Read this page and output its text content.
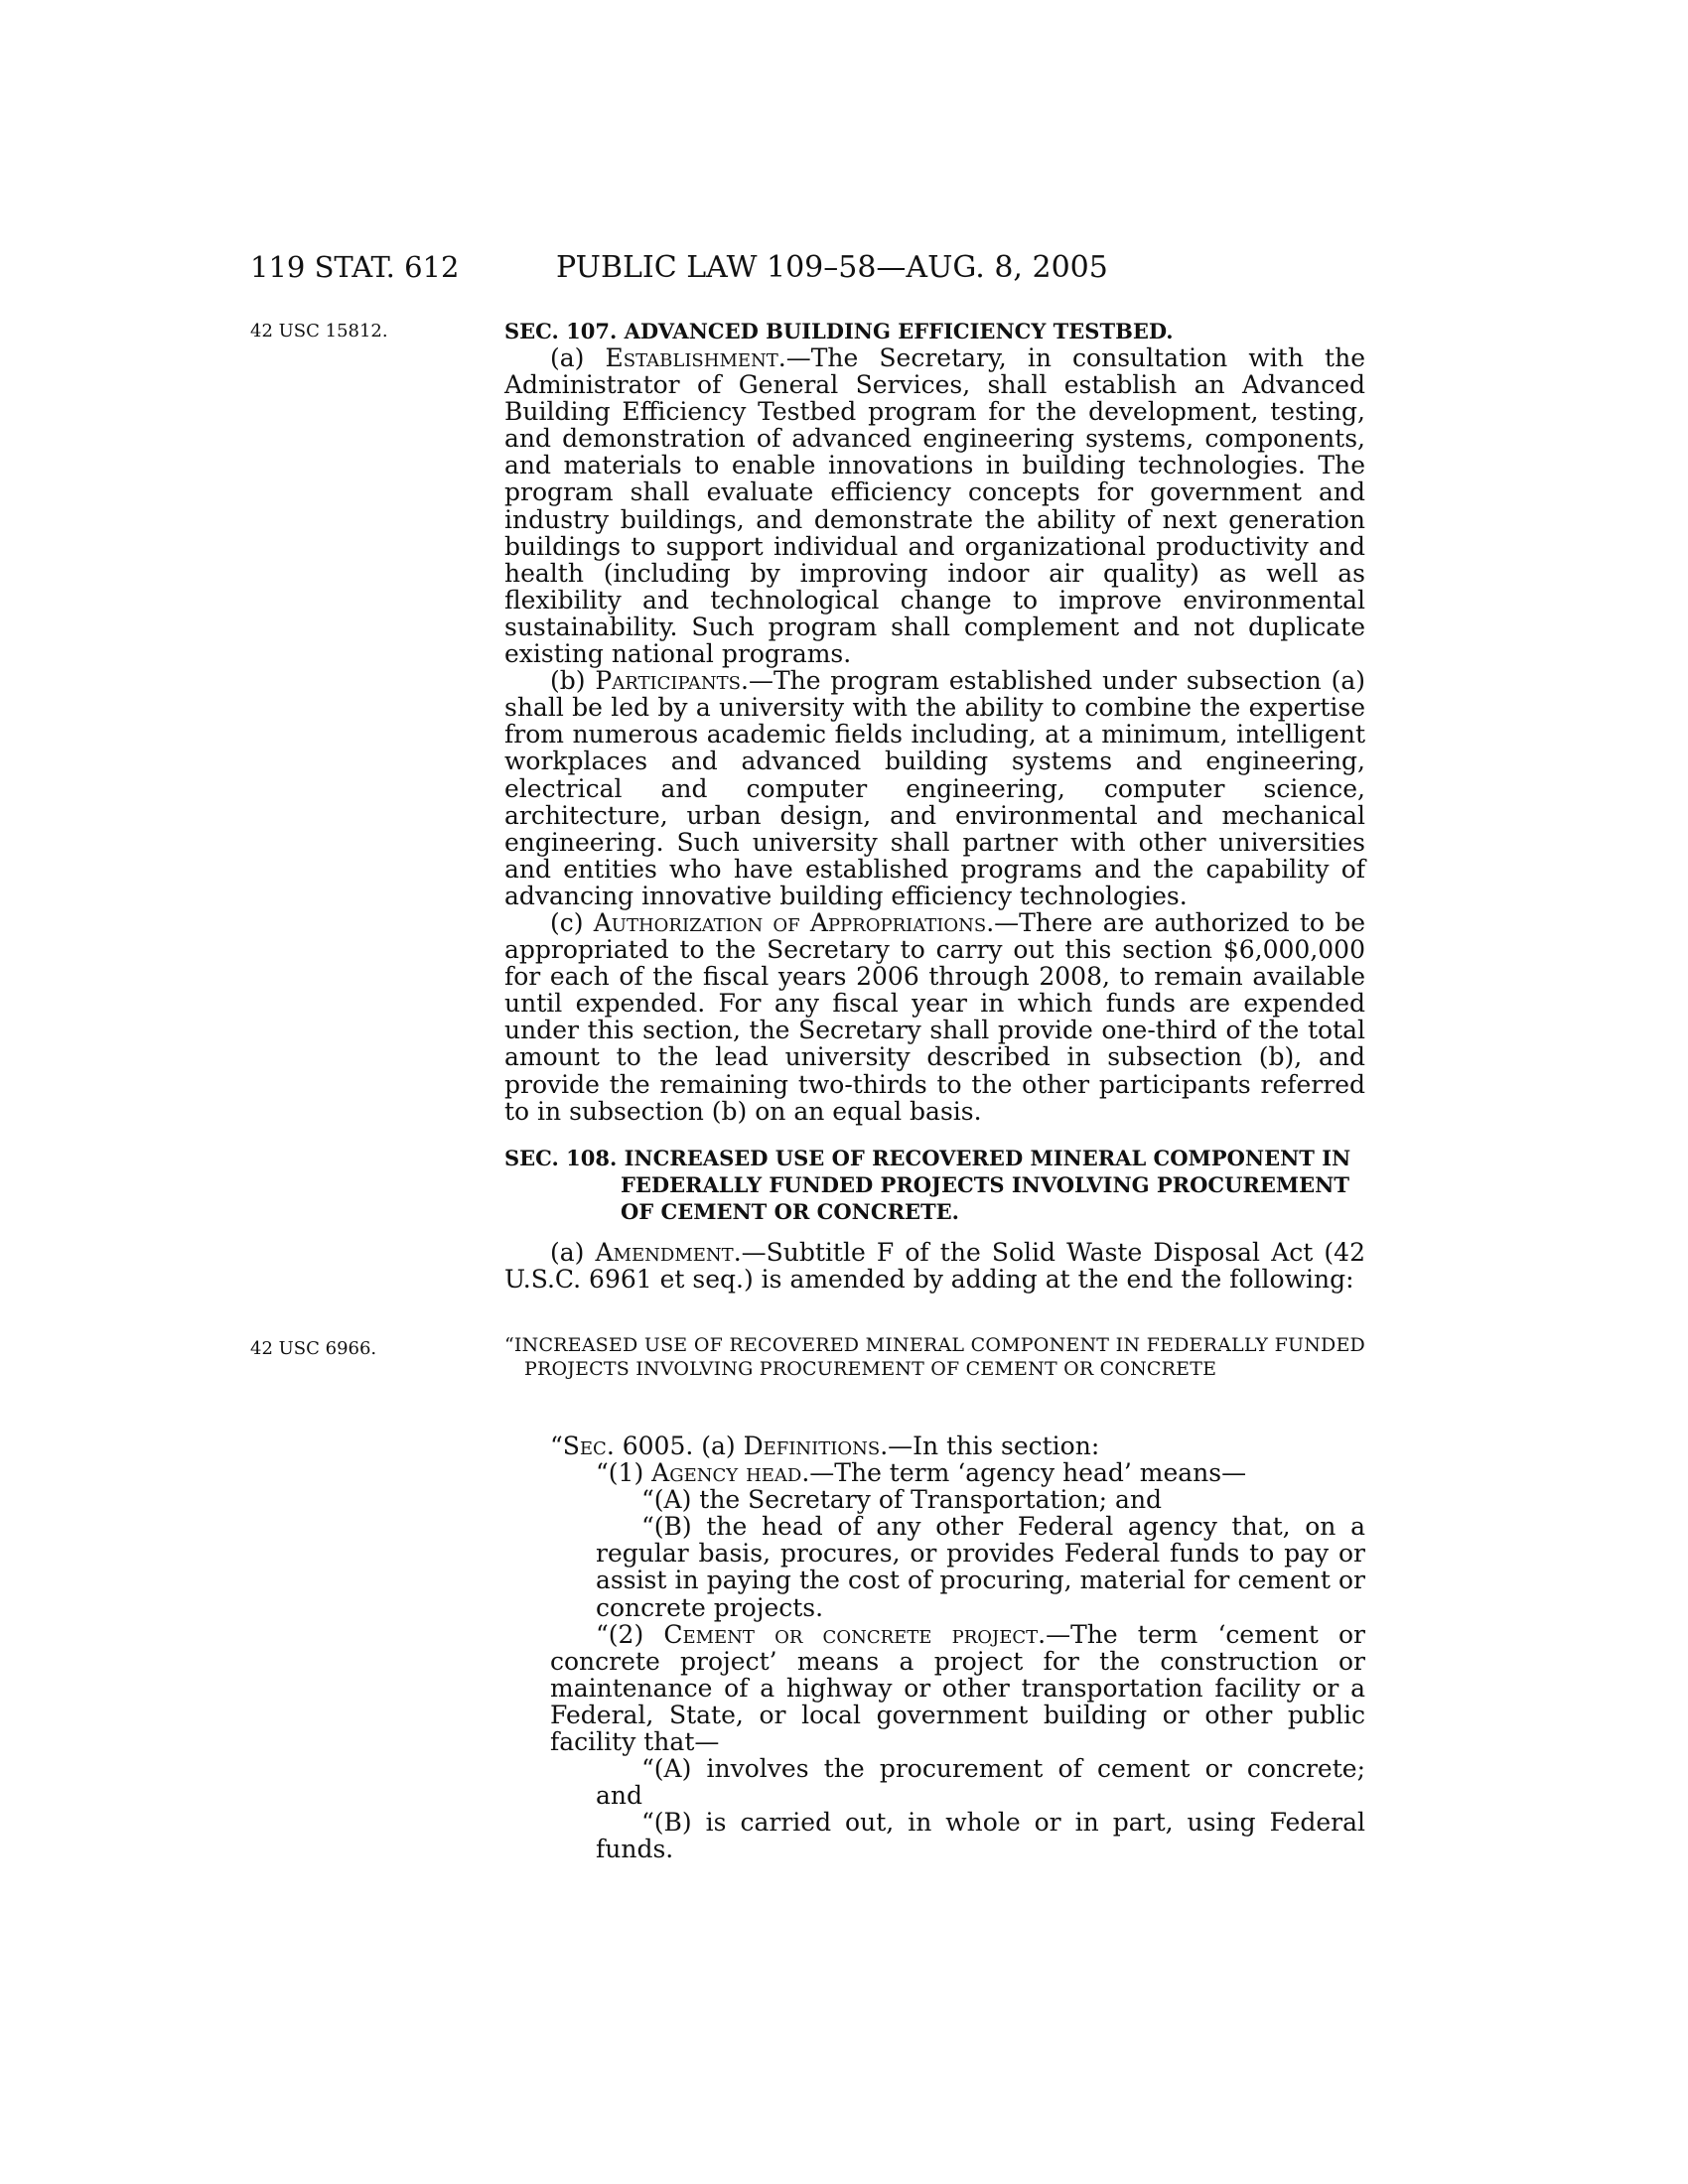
119 STAT. 612	PUBLIC LAW 109–58—AUG. 8, 2005
42 USC 15812.
42 USC 6966.

SEC. 107. ADVANCED BUILDING EFFICIENCY TESTBED.

(a) Establishment.—The Secretary, in consultation with the Administrator of General Services, shall establish an Advanced Building Efficiency Testbed program for the development, testing, and demonstration of advanced engineering systems, components, and materials to enable innovations in building technologies. The program shall evaluate efficiency concepts for government and industry buildings, and demonstrate the ability of next generation buildings to support individual and organizational productivity and health (including by improving indoor air quality) as well as flexibility and technological change to improve environmental sustainability. Such program shall complement and not duplicate existing national programs.

(b) Participants.—The program established under subsection (a) shall be led by a university with the ability to combine the expertise from numerous academic fields including, at a minimum, intelligent workplaces and advanced building systems and engineering, electrical and computer engineering, computer science, architecture, urban design, and environmental and mechanical engineering. Such university shall partner with other universities and entities who have established programs and the capability of advancing innovative building efficiency technologies.

(c) Authorization of Appropriations.—There are authorized to be appropriated to the Secretary to carry out this section $6,000,000 for each of the fiscal years 2006 through 2008, to remain available until expended. For any fiscal year in which funds are expended under this section, the Secretary shall provide one-third of the total amount to the lead university described in subsection (b), and provide the remaining two-thirds to the other participants referred to in subsection (b) on an equal basis.

SEC. 108. INCREASED USE OF RECOVERED MINERAL COMPONENT IN FEDERALLY FUNDED PROJECTS INVOLVING PROCUREMENT OF CEMENT OR CONCRETE.

(a) Amendment.—Subtitle F of the Solid Waste Disposal Act (42 U.S.C. 6961 et seq.) is amended by adding at the end the following:

“INCREASED USE OF RECOVERED MINERAL COMPONENT IN FEDERALLY FUNDED PROJECTS INVOLVING PROCUREMENT OF CEMENT OR CONCRETE

“Sec. 6005. (a) Definitions.—In this section:

“(1) Agency head.—The term ‘agency head’ means—

“(A) the Secretary of Transportation; and

“(B) the head of any other Federal agency that, on a regular basis, procures, or provides Federal funds to pay or assist in paying the cost of procuring, material for cement or concrete projects.

“(2) Cement or concrete project.—The term ‘cement or concrete project’ means a project for the construction or maintenance of a highway or other transportation facility or a Federal, State, or local government building or other public facility that—

“(A) involves the procurement of cement or concrete; and

“(B) is carried out, in whole or in part, using Federal funds.
